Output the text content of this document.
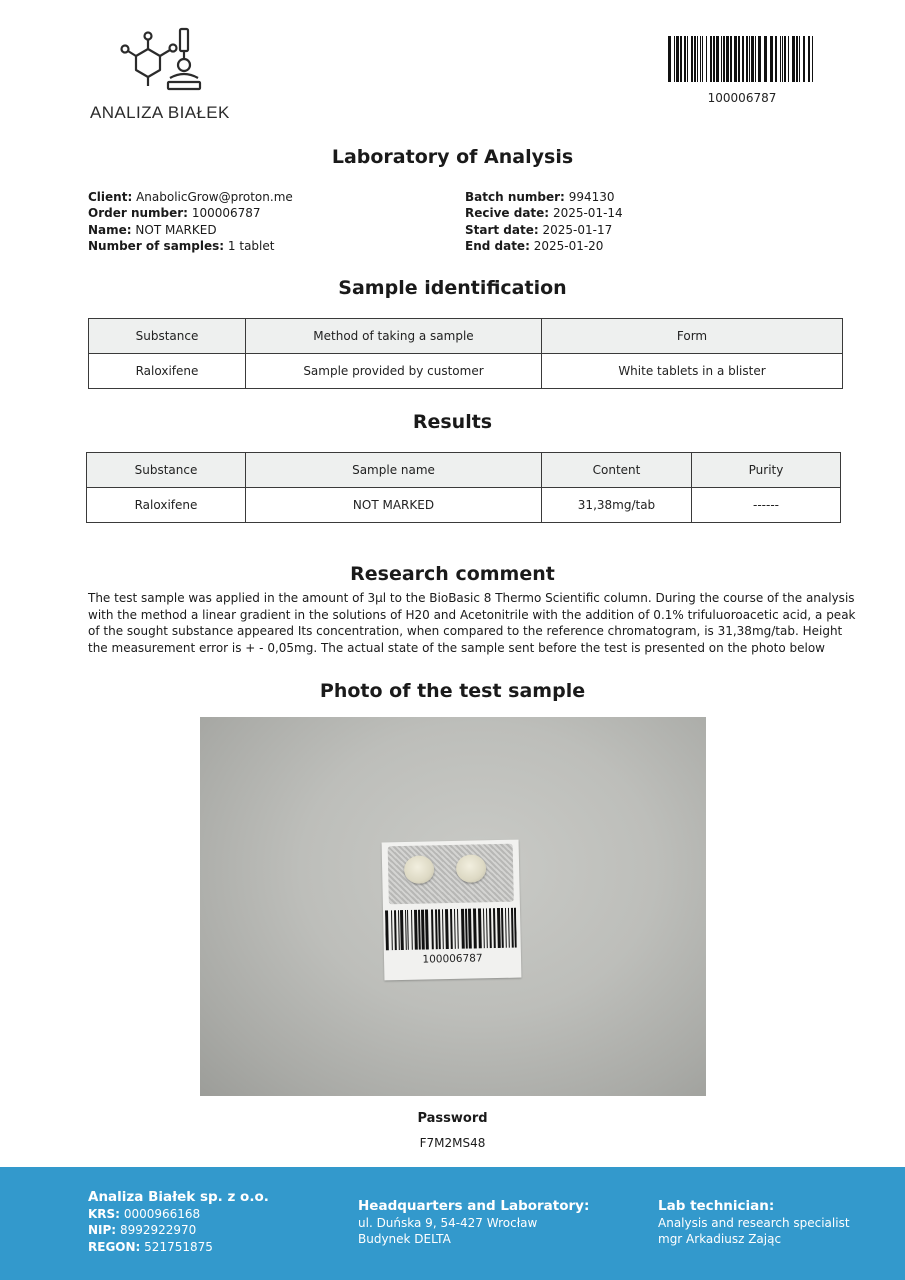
ANALIZA BIAŁEK
100006787
Laboratory of Analysis
Client: AnabolicGrow@proton.me
Order number: 100006787
Name: NOT MARKED
Number of samples: 1 tablet
Batch number: 994130
Recive date: 2025-01-14
Start date: 2025-01-17
End date: 2025-01-20
Sample identification
Substance	Method of taking a sample	Form
Raloxifene	Sample provided by customer	White tablets in a blister
Results
Substance	Sample name	Content	Purity
Raloxifene	NOT MARKED	31,38mg/tab	------
Research comment
The test sample was applied in the amount of 3µl to the BioBasic 8 Thermo Scientific column. During the course of the analysis with the method a linear gradient in the solutions of H20 and Acetonitrile with the addition of 0.1% trifuluoroacetic acid, a peak of the sought substance appeared Its concentration, when compared to the reference chromatogram, is 31,38mg/tab. Height the measurement error is + - 0,05mg. The actual state of the sample sent before the test is presented on the photo below
Photo of the test sample
100006787
Password
F7M2MS48
Analiza Białek sp. z o.o.
KRS: 0000966168
NIP: 8992922970
REGON: 521751875
Headquarters and Laboratory:
ul. Duńska 9, 54-427 Wrocław
Budynek DELTA
Lab technician:
Analysis and research specialist
mgr Arkadiusz Zając
